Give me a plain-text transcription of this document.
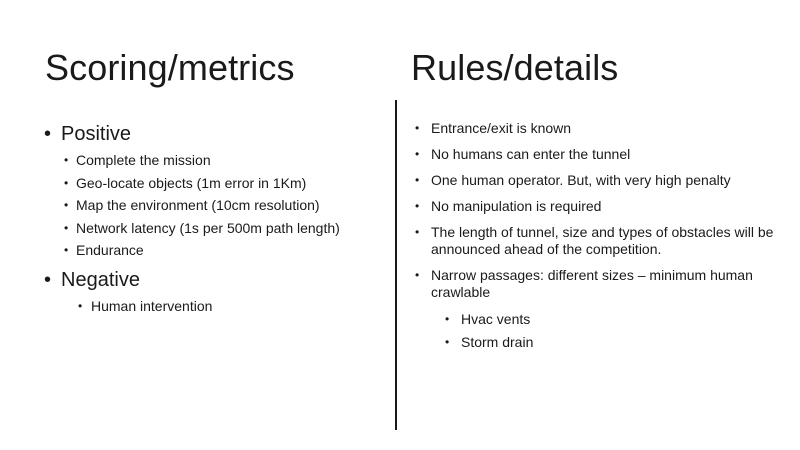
Scoring/metrics	Rules/details
• Positive
• Complete the mission
• Geo-locate objects (1m error in 1Km)
• Map the environment (10cm resolution)
• Network latency (1s per 500m path length)
• Endurance
• Negative
• Human intervention
• Entrance/exit is known
• No humans can enter the tunnel
• One human operator. But, with very high penalty
• No manipulation is required
• The length of tunnel, size and types of obstacles will be announced ahead of the competition.
• Narrow passages: different sizes – minimum human crawlable
• Hvac vents
• Storm drain
